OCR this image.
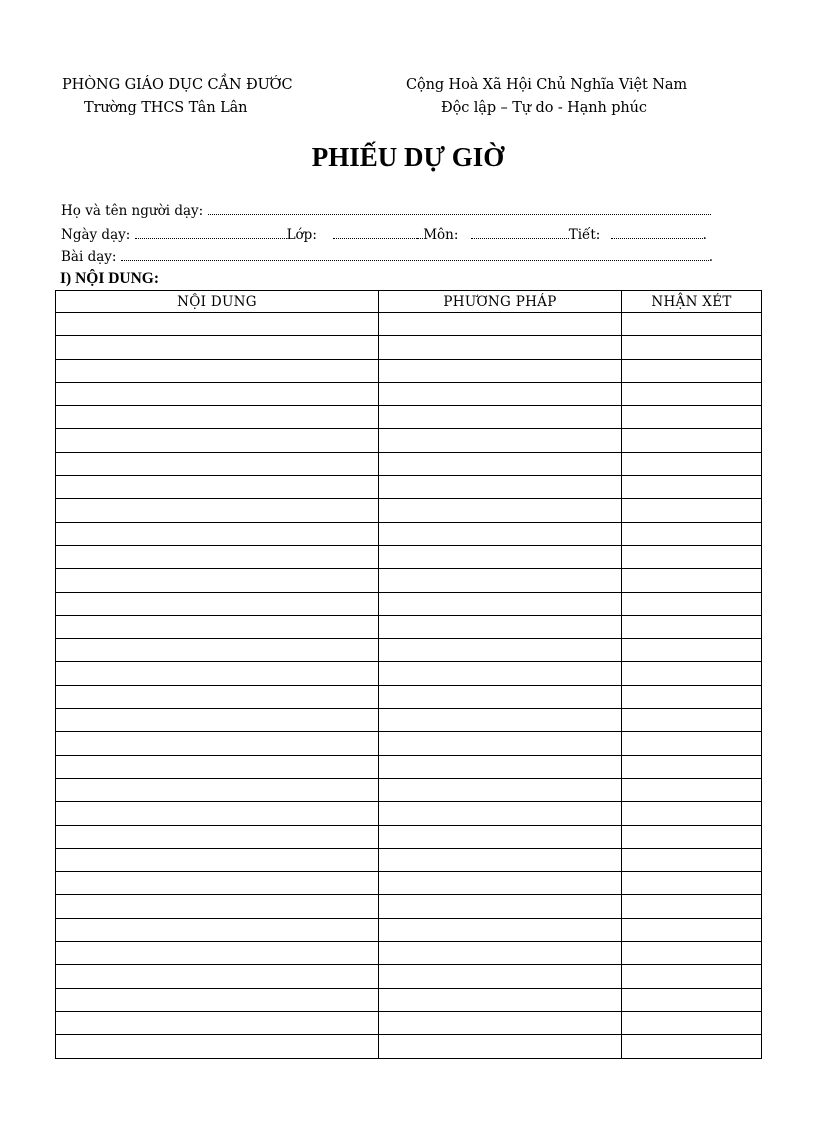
PHÒNG GIÁO DỤC CẦN ĐƯỚC
Trường THCS Tân Lân
Cộng Hoà Xã Hội Chủ Nghĩa Việt Nam
Độc lập – Tự do - Hạnh phúc
PHIẾU DỰ GIỜ
Họ và tên người dạy:
Ngày dạy:	Lớp:	Môn:	Tiết:	.
Bài dạy:	.
I) NỘI DUNG:
NỘI DUNG	PHƯƠNG PHÁP	NHẬN XÉT
